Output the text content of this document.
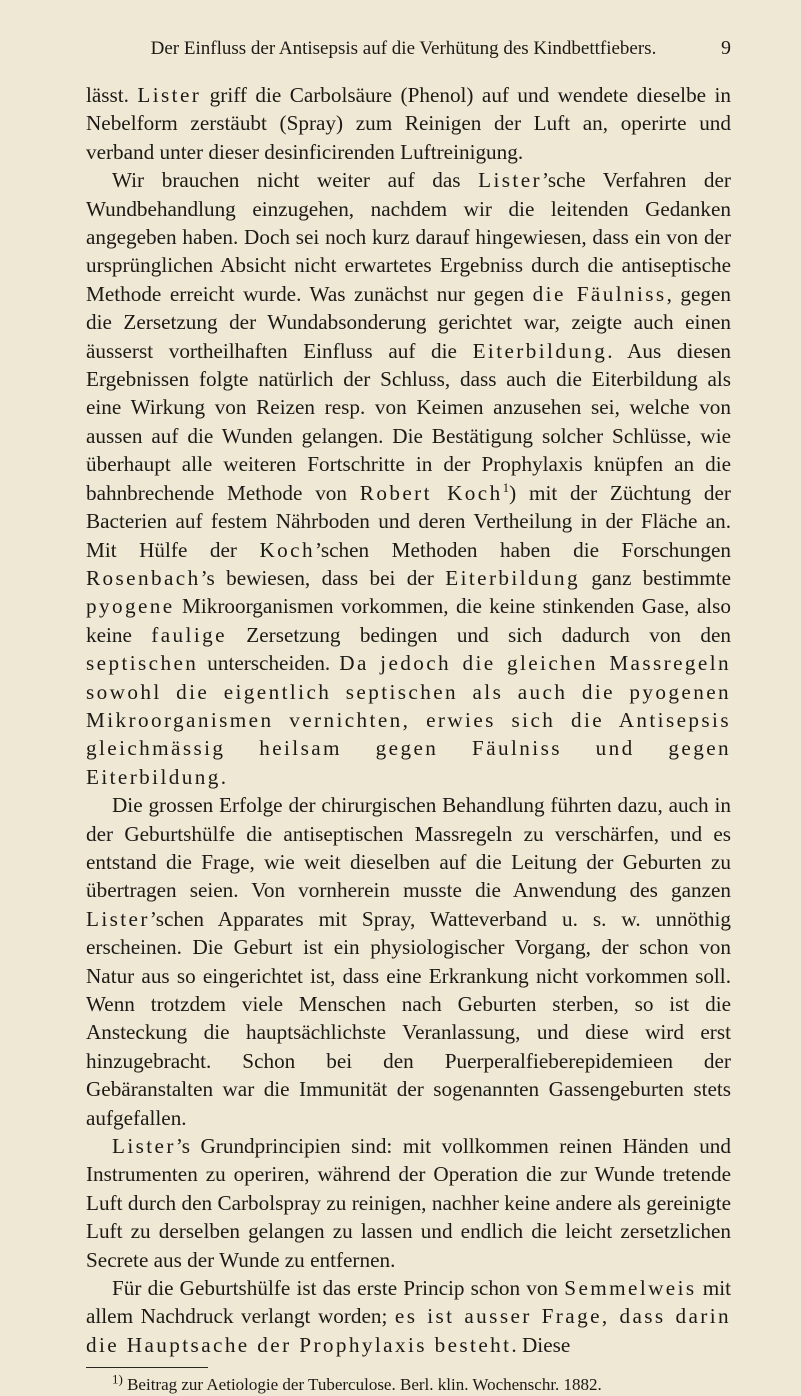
Der Einfluss der Antisepsis auf die Verhütung des Kindbettfiebers.	9

lässt. Lister griff die Carbolsäure (Phenol) auf und wendete dieselbe in Nebelform zerstäubt (Spray) zum Reinigen der Luft an, operirte und verband unter dieser desinficirenden Luftreinigung.

Wir brauchen nicht weiter auf das Lister’sche Verfahren der Wundbehandlung einzugehen, nachdem wir die leitenden Gedanken angegeben haben. Doch sei noch kurz darauf hingewiesen, dass ein von der ursprünglichen Absicht nicht erwartetes Ergebniss durch die antiseptische Methode erreicht wurde. Was zunächst nur gegen die Fäulniss, gegen die Zersetzung der Wundabsonderung gerichtet war, zeigte auch einen äusserst vortheilhaften Einfluss auf die Eiterbildung. Aus diesen Ergebnissen folgte natürlich der Schluss, dass auch die Eiterbildung als eine Wirkung von Reizen resp. von Keimen anzusehen sei, welche von aussen auf die Wunden gelangen. Die Bestätigung solcher Schlüsse, wie überhaupt alle weiteren Fortschritte in der Prophylaxis knüpfen an die bahnbrechende Methode von Robert Koch$^1$) mit der Züchtung der Bacterien auf festem Nährboden und deren Vertheilung in der Fläche an. Mit Hülfe der Koch’schen Methoden haben die Forschungen Rosenbach’s bewiesen, dass bei der Eiterbildung ganz bestimmte pyogene Mikroorganismen vorkommen, die keine stinkenden Gase, also keine faulige Zersetzung bedingen und sich dadurch von den septischen unterscheiden. Da jedoch die gleichen Massregeln sowohl die eigentlich septischen als auch die pyogenen Mikroorganismen vernichten, erwies sich die Antisepsis gleichmässig heilsam gegen Fäulniss und gegen Eiterbildung.

Die grossen Erfolge der chirurgischen Behandlung führten dazu, auch in der Geburtshülfe die antiseptischen Massregeln zu verschärfen, und es entstand die Frage, wie weit dieselben auf die Leitung der Geburten zu übertragen seien. Von vornherein musste die Anwendung des ganzen Lister’schen Apparates mit Spray, Watteverband u. s. w. unnöthig erscheinen. Die Geburt ist ein physiologischer Vorgang, der schon von Natur aus so eingerichtet ist, dass eine Erkrankung nicht vorkommen soll. Wenn trotzdem viele Menschen nach Geburten sterben, so ist die Ansteckung die hauptsächlichste Veranlassung, und diese wird erst hinzugebracht. Schon bei den Puerperalfieberepidemieen der Gebäranstalten war die Immunität der sogenannten Gassengeburten stets aufgefallen.

Lister’s Grundprincipien sind: mit vollkommen reinen Händen und Instrumenten zu operiren, während der Operation die zur Wunde tretende Luft durch den Carbolspray zu reinigen, nachher keine andere als gereinigte Luft zu derselben gelangen zu lassen und endlich die leicht zersetzlichen Secrete aus der Wunde zu entfernen.

Für die Geburtshülfe ist das erste Princip schon von Semmelweis mit allem Nachdruck verlangt worden; es ist ausser Frage, dass darin die Hauptsache der Prophylaxis besteht. Diese

$^{1)}$ Beitrag zur Aetiologie der Tuberculose. Berl. klin. Wochenschr. 1882.
